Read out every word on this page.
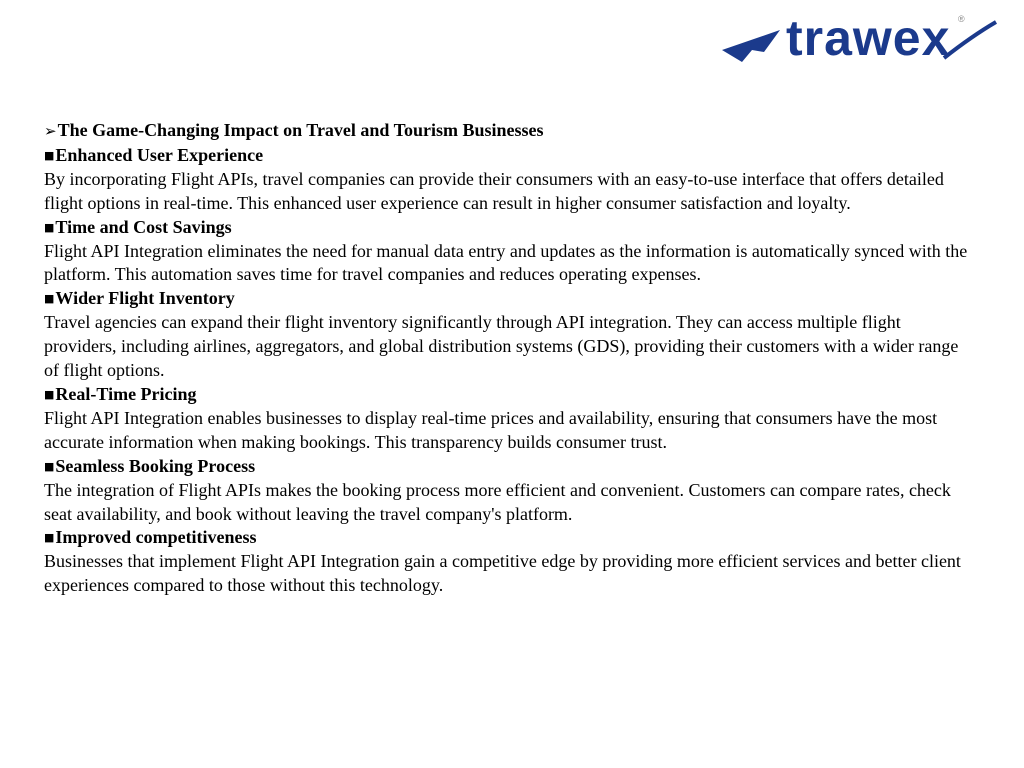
trawex ®

➢The Game-Changing Impact on Travel and Tourism Businesses

■Enhanced User Experience

By incorporating Flight APIs, travel companies can provide their consumers with an easy-to-use interface that offers detailed flight options in real-time. This enhanced user experience can result in higher consumer satisfaction and loyalty.

■Time and Cost Savings

Flight API Integration eliminates the need for manual data entry and updates as the information is automatically synced with the platform. This automation saves time for travel companies and reduces operating expenses.

■Wider Flight Inventory

Travel agencies can expand their flight inventory significantly through API integration. They can access multiple flight providers, including airlines, aggregators, and global distribution systems (GDS), providing their customers with a wider range of flight options.

■Real-Time Pricing

Flight API Integration enables businesses to display real-time prices and availability, ensuring that consumers have the most accurate information when making bookings. This transparency builds consumer trust.

■Seamless Booking Process

The integration of Flight APIs makes the booking process more efficient and convenient. Customers can compare rates, check seat availability, and book without leaving the travel company's platform.

■Improved competitiveness

Businesses that implement Flight API Integration gain a competitive edge by providing more efficient services and better client experiences compared to those without this technology.
